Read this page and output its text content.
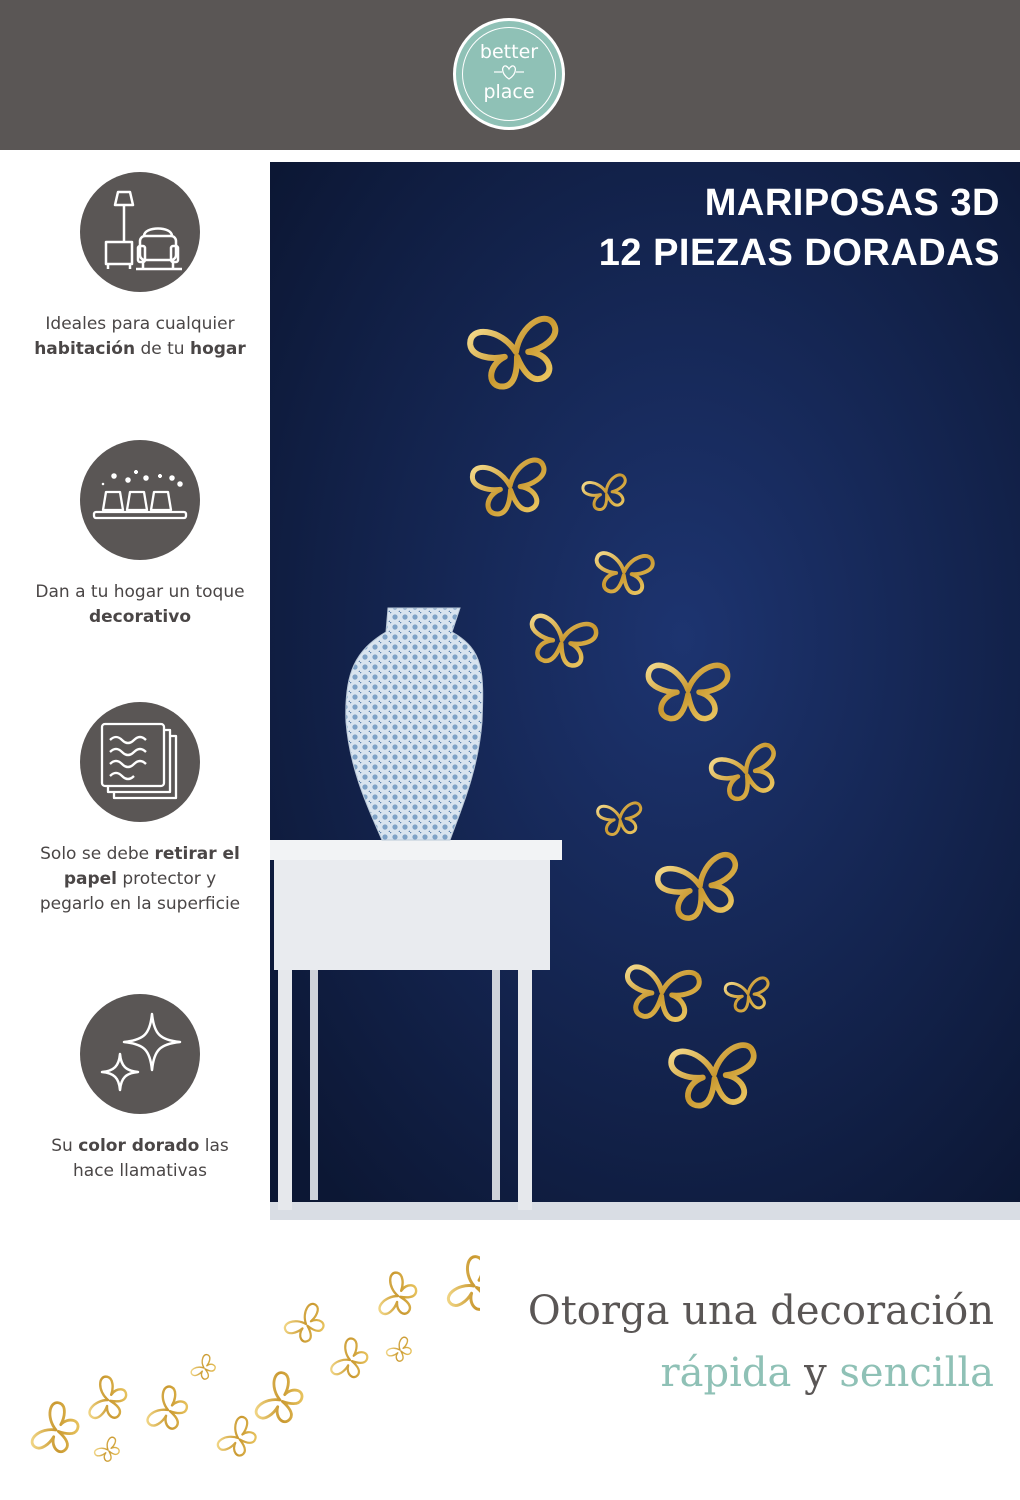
better
place
Ideales para cualquier habitación de tu hogar
Dan a tu hogar un toque decorativo
Solo se debe retirar el papel protector y pegarlo en la superficie
Su color dorado las hace llamativas
MARIPOSAS 3D
12 PIEZAS DORADAS
Otorga una decoración
rápida y sencilla
